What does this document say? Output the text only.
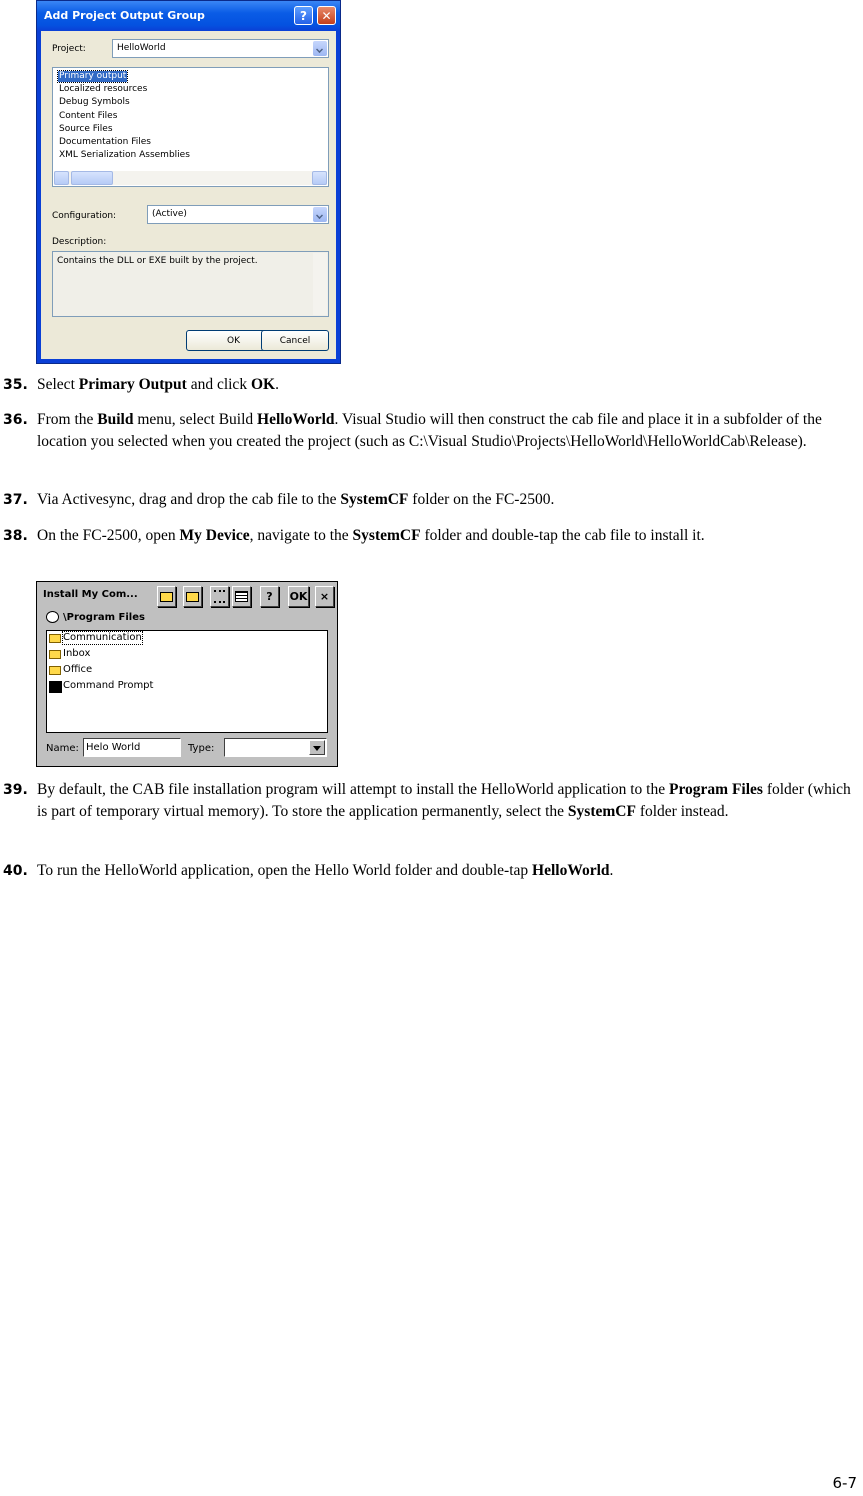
Add Project Output Group	?	✕
Project:	HelloWorld
Primary output
Localized resources
Debug Symbols
Content Files
Source Files
Documentation Files
XML Serialization Assemblies
Configuration:	(Active)
Description:
Contains the DLL or EXE built by the project.
OK	Cancel
35. Select Primary Output and click OK.
36. From the Build menu, select Build HelloWorld. Visual Studio will then construct the cab file and place it in a subfolder of the location you selected when you created the project (such as C:\Visual Studio\Projects\HelloWorld\HelloWorldCab\Release).
37. Via Activesync, drag and drop the cab file to the SystemCF folder on the FC-2500.
38. On the FC-2500, open My Device, navigate to the SystemCF folder and double-tap the cab file to install it.
Install My Com...	?	OK	×
\Program Files
Communication
Inbox
Office
Command Prompt
Name: Helo World	Type:
39. By default, the CAB file installation program will attempt to install the HelloWorld application to the Program Files folder (which is part of temporary virtual memory). To store the application permanently, select the SystemCF folder instead.
40. To run the HelloWorld application, open the Hello World folder and double-tap HelloWorld.
6-7
